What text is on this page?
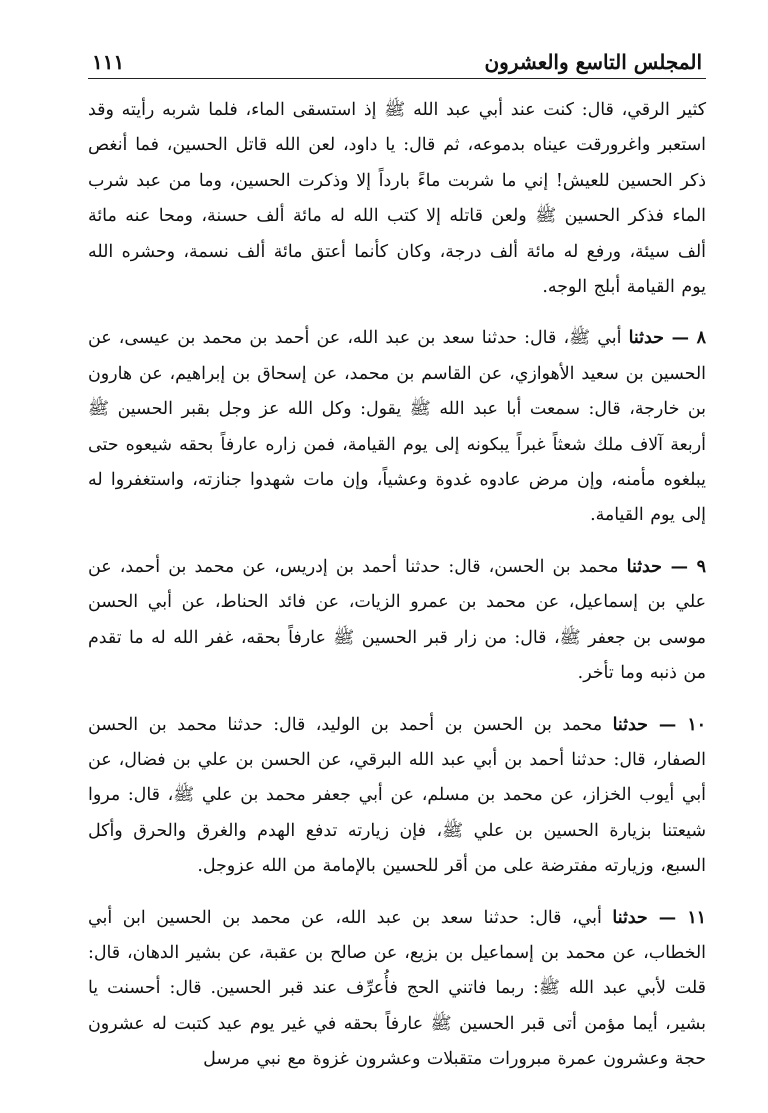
المجلس التاسع والعشرون
١١١

كثير الرقي، قال: كنت عند أبي عبد الله ﷺ إذ استسقى الماء، فلما شربه رأيته وقد استعبر واغرورقت عيناه بدموعه، ثم قال: يا داود، لعن الله قاتل الحسين، فما أنغص ذكر الحسين للعيش! إني ما شربت ماءً بارداً إلا وذكرت الحسين، وما من عبد شرب الماء فذكر الحسين ﷺ ولعن قاتله إلا كتب الله له مائة ألف حسنة، ومحا عنه مائة ألف سيئة، ورفع له مائة ألف درجة، وكان كأنما أعتق مائة ألف نسمة، وحشره الله يوم القيامة أبلج الوجه.

٨ — حدثنا أبي ﷺ، قال: حدثنا سعد بن عبد الله، عن أحمد بن محمد بن عيسى، عن الحسين بن سعيد الأهوازي، عن القاسم بن محمد، عن إسحاق بن إبراهيم، عن هارون بن خارجة، قال: سمعت أبا عبد الله ﷺ يقول: وكل الله عز وجل بقبر الحسين ﷺ أربعة آلاف ملك شعثاً غبراً يبكونه إلى يوم القيامة، فمن زاره عارفاً بحقه شيعوه حتى يبلغوه مأمنه، وإن مرض عادوه غدوة وعشياً، وإن مات شهدوا جنازته، واستغفروا له إلى يوم القيامة.

٩ — حدثنا محمد بن الحسن، قال: حدثنا أحمد بن إدريس، عن محمد بن أحمد، عن علي بن إسماعيل، عن محمد بن عمرو الزيات، عن فائد الحناط، عن أبي الحسن موسى بن جعفر ﷺ، قال: من زار قبر الحسين ﷺ عارفاً بحقه، غفر الله له ما تقدم من ذنبه وما تأخر.

١٠ — حدثنا محمد بن الحسن بن أحمد بن الوليد، قال: حدثنا محمد بن الحسن الصفار، قال: حدثنا أحمد بن أبي عبد الله البرقي، عن الحسن بن علي بن فضال، عن أبي أيوب الخزاز، عن محمد بن مسلم، عن أبي جعفر محمد بن علي ﷺ، قال: مروا شيعتنا بزيارة الحسين بن علي ﷺ، فإن زيارته تدفع الهدم والغرق والحرق وأكل السبع، وزيارته مفترضة على من أقر للحسين بالإمامة من الله عزوجل.

١١ — حدثنا أبي، قال: حدثنا سعد بن عبد الله، عن محمد بن الحسين ابن أبي الخطاب، عن محمد بن إسماعيل بن بزيع، عن صالح بن عقبة، عن بشير الدهان، قال: قلت لأبي عبد الله ﷺ: ربما فاتني الحج فأُعرِّف عند قبر الحسين. قال: أحسنت يا بشير، أيما مؤمن أتى قبر الحسين ﷺ عارفاً بحقه في غير يوم عيد كتبت له عشرون حجة وعشرون عمرة مبرورات متقبلات وعشرون غزوة مع نبي مرسل
